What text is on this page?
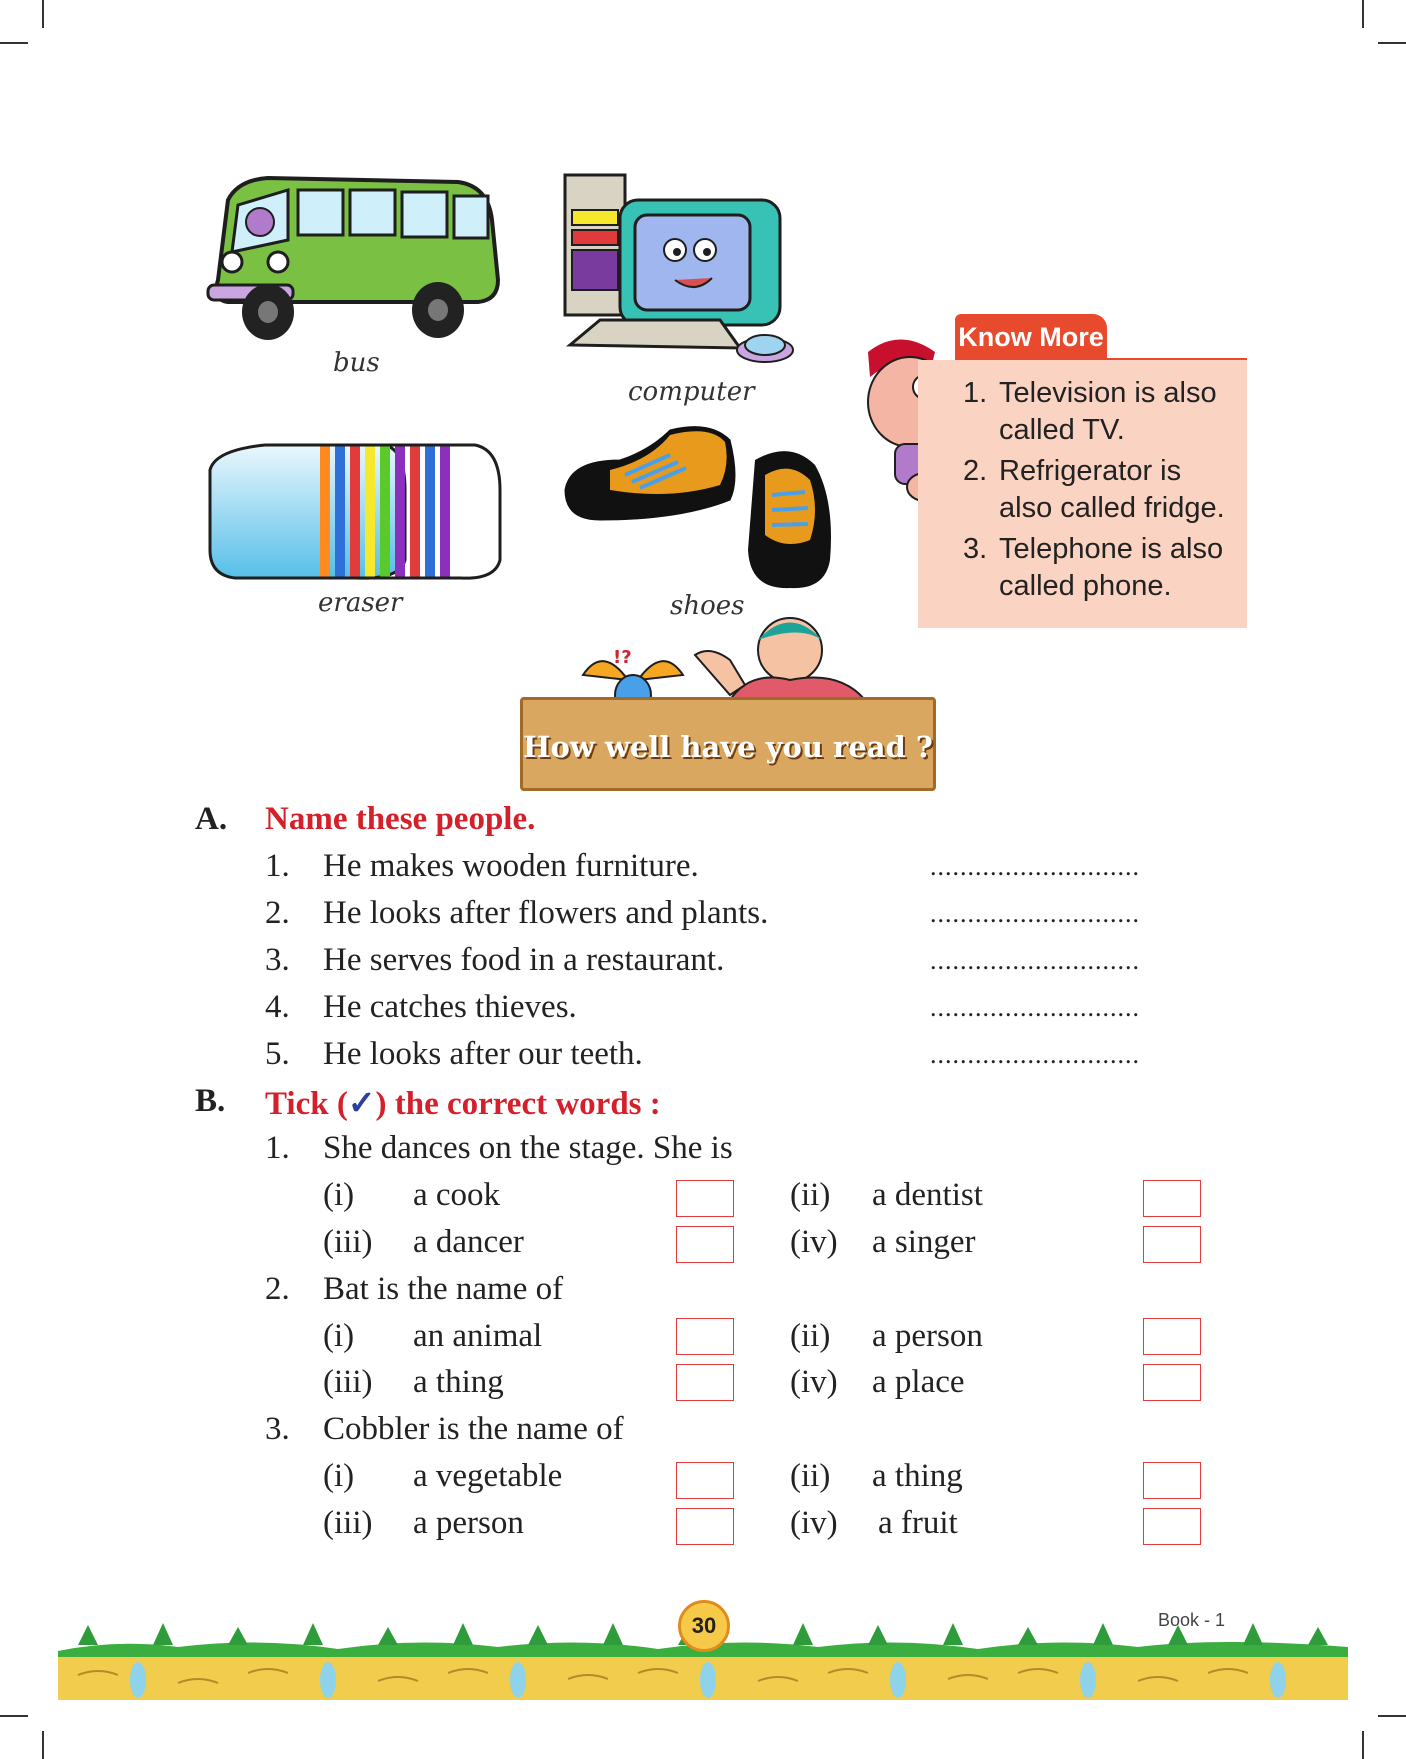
bus
computer
eraser	shoes
Know More
1. Television is also called TV.
2. Refrigerator is also called fridge.
3. Telephone is also called phone.
!?
How well have you read ?
A. Name these people.
1. He makes wooden furniture.	............................
2. He looks after flowers and plants.	............................
3. He serves food in a restaurant.	............................
4. He catches thieves.	............................
5. He looks after our teeth.	............................
B. Tick (✓) the correct words :
1. She dances on the stage. She is
(i) a cook	(ii) a dentist
(iii) a dancer	(iv) a singer
2. Bat is the name of
(i) an animal	(ii) a person
(iii) a thing	(iv) a place
3. Cobbler is the name of
(i) a vegetable	(ii) a thing
(iii) a person	(iv) a fruit
30	Book - 1
